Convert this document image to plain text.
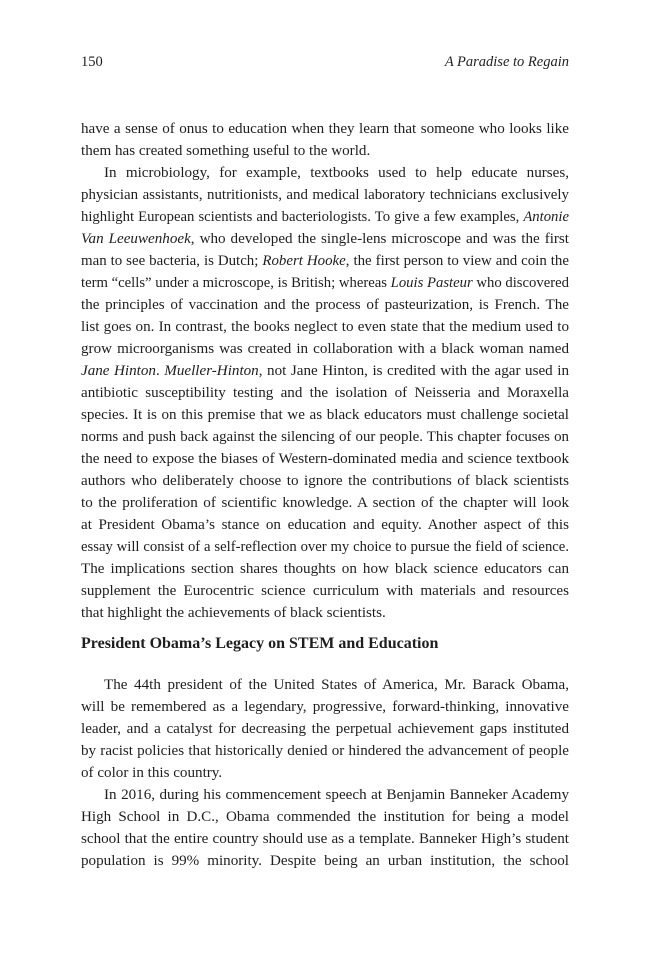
150	A Paradise to Regain
have a sense of onus to education when they learn that someone who looks like
them has created something useful to the world.
In microbiology, for example, textbooks used to help educate nurses,
physician assistants, nutritionists, and medical laboratory technicians exclusively
highlight European scientists and bacteriologists. To give a few examples, Antonie
Van Leeuwenhoek, who developed the single-lens microscope and was the first
man to see bacteria, is Dutch; Robert Hooke, the first person to view and coin the
term “cells” under a microscope, is British; whereas Louis Pasteur who discovered
the principles of vaccination and the process of pasteurization, is French. The
list goes on. In contrast, the books neglect to even state that the medium used to
grow microorganisms was created in collaboration with a black woman named
Jane Hinton. Mueller-Hinton, not Jane Hinton, is credited with the agar used in
antibiotic susceptibility testing and the isolation of Neisseria and Moraxella
species. It is on this premise that we as black educators must challenge societal
norms and push back against the silencing of our people. This chapter focuses on
the need to expose the biases of Western-dominated media and science textbook
authors who deliberately choose to ignore the contributions of black scientists
to the proliferation of scientific knowledge. A section of the chapter will look
at President Obama’s stance on education and equity. Another aspect of this
essay will consist of a self-reflection over my choice to pursue the field of science.
The implications section shares thoughts on how black science educators can
supplement the Eurocentric science curriculum with materials and resources
that highlight the achievements of black scientists.
President Obama’s Legacy on STEM and Education
The 44th president of the United States of America, Mr. Barack Obama,
will be remembered as a legendary, progressive, forward-thinking, innovative
leader, and a catalyst for decreasing the perpetual achievement gaps instituted
by racist policies that historically denied or hindered the advancement of people
of color in this country.
In 2016, during his commencement speech at Benjamin Banneker Academy
High School in D.C., Obama commended the institution for being a model
school that the entire country should use as a template. Banneker High’s student
population is 99% minority. Despite being an urban institution, the school
